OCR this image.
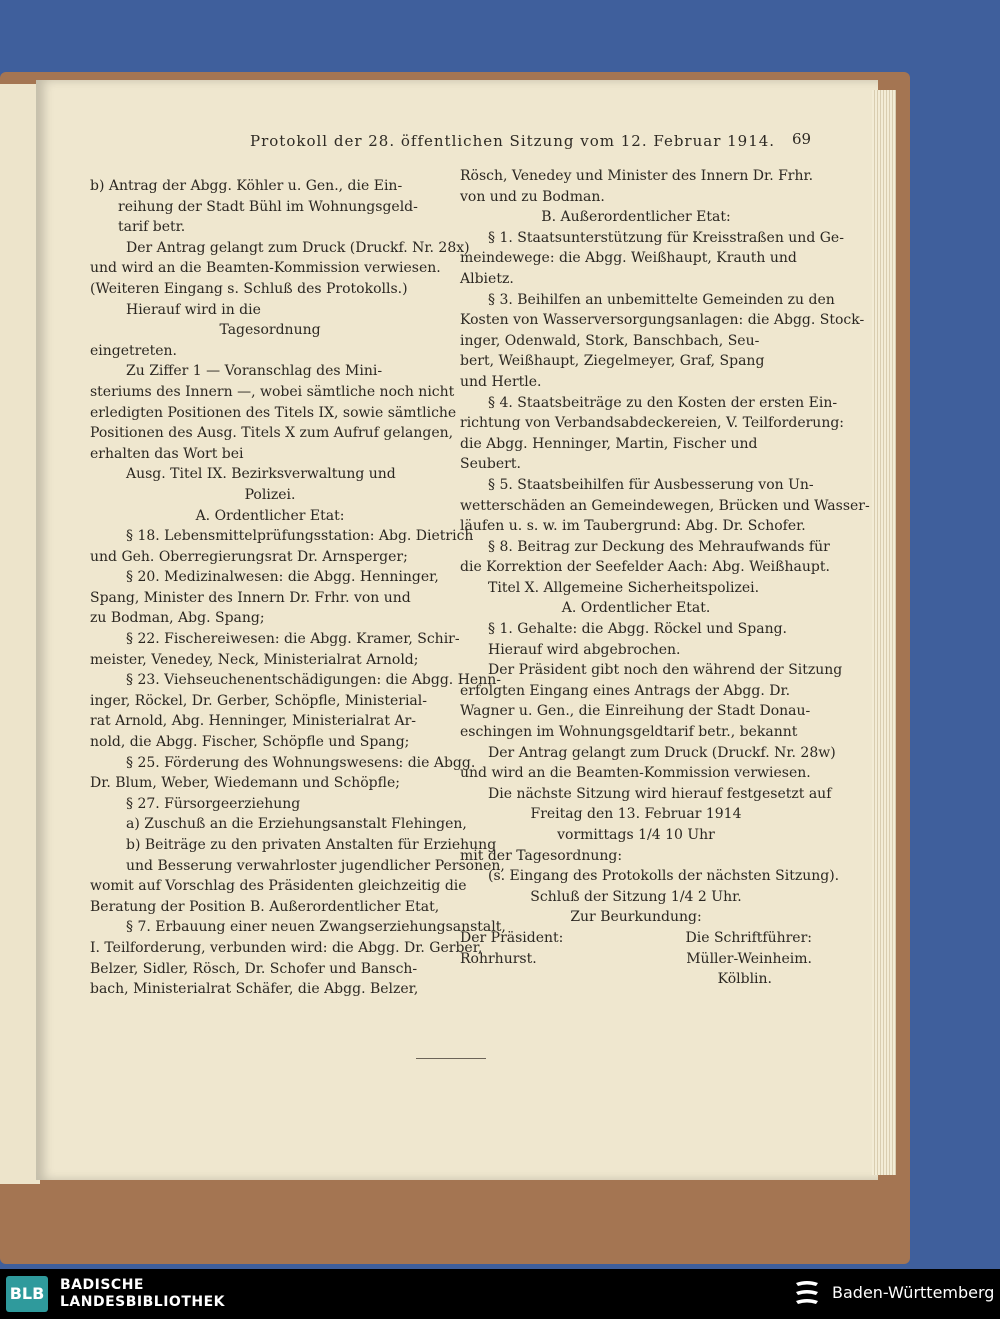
Protokoll der 28. öffentlichen Sitzung vom 12. Februar 1914. 69

b) Antrag der Abgg. Köhler u. Gen., die Ein-

reihung der Stadt Bühl im Wohnungsgeld-

tarif betr.

Der Antrag gelangt zum Druck (Druckf. Nr. 28x)

und wird an die Beamten-Kommission verwiesen.

(Weiteren Eingang s. Schluß des Protokolls.)

Hierauf wird in die

Tagesordnung

eingetreten.

Zu Ziffer 1 — Voranschlag des Mini-

steriums des Innern —, wobei sämtliche noch nicht

erledigten Positionen des Titels IX, sowie sämtliche

Positionen des Ausg. Titels X zum Aufruf gelangen,

erhalten das Wort bei

Ausg. Titel IX. Bezirksverwaltung und

Polizei.

A. Ordentlicher Etat:

§ 18. Lebensmittelprüfungsstation: Abg. Dietrich

und Geh. Oberregierungsrat Dr. Arnsperger;

§ 20. Medizinalwesen: die Abgg. Henninger,

Spang, Minister des Innern Dr. Frhr. von und

zu Bodman, Abg. Spang;

§ 22. Fischereiwesen: die Abgg. Kramer, Schir-

meister, Venedey, Neck, Ministerialrat Arnold;

§ 23. Viehseuchenentschädigungen: die Abgg. Henn-

inger, Röckel, Dr. Gerber, Schöpfle, Ministerial-

rat Arnold, Abg. Henninger, Ministerialrat Ar-

nold, die Abgg. Fischer, Schöpfle und Spang;

§ 25. Förderung des Wohnungswesens: die Abgg.

Dr. Blum, Weber, Wiedemann und Schöpfle;

§ 27. Fürsorgeerziehung

a) Zuschuß an die Erziehungsanstalt Flehingen,

b) Beiträge zu den privaten Anstalten für Erziehung

und Besserung verwahrloster jugendlicher Personen,

womit auf Vorschlag des Präsidenten gleichzeitig die

Beratung der Position B. Außerordentlicher Etat,

§ 7. Erbauung einer neuen Zwangserziehungsanstalt,

I. Teilforderung, verbunden wird: die Abgg. Dr. Gerber,

Belzer, Sidler, Rösch, Dr. Schofer und Bansch-

bach, Ministerialrat Schäfer, die Abgg. Belzer,

Rösch, Venedey und Minister des Innern Dr. Frhr.

von und zu Bodman.

B. Außerordentlicher Etat:

§ 1. Staatsunterstützung für Kreisstraßen und Ge-

meindewege: die Abgg. Weißhaupt, Krauth und

Albietz.

§ 3. Beihilfen an unbemittelte Gemeinden zu den

Kosten von Wasserversorgungsanlagen: die Abgg. Stock-

inger, Odenwald, Stork, Banschbach, Seu-

bert, Weißhaupt, Ziegelmeyer, Graf, Spang

und Hertle.

§ 4. Staatsbeiträge zu den Kosten der ersten Ein-

richtung von Verbandsabdeckereien, V. Teilforderung:

die Abgg. Henninger, Martin, Fischer und

Seubert.

§ 5. Staatsbeihilfen für Ausbesserung von Un-

wetterschäden an Gemeindewegen, Brücken und Wasser-

läufen u. s. w. im Taubergrund: Abg. Dr. Schofer.

§ 8. Beitrag zur Deckung des Mehraufwands für

die Korrektion der Seefelder Aach: Abg. Weißhaupt.

Titel X. Allgemeine Sicherheitspolizei.

A. Ordentlicher Etat.

§ 1. Gehalte: die Abgg. Röckel und Spang.

Hierauf wird abgebrochen.

Der Präsident gibt noch den während der Sitzung

erfolgten Eingang eines Antrags der Abgg. Dr.

Wagner u. Gen., die Einreihung der Stadt Donau-

eschingen im Wohnungsgeldtarif betr., bekannt

Der Antrag gelangt zum Druck (Druckf. Nr. 28w)

und wird an die Beamten-Kommission verwiesen.

Die nächste Sitzung wird hierauf festgesetzt auf

Freitag den 13. Februar 1914

vormittags 1/4 10 Uhr

mit der Tagesordnung:

(s. Eingang des Protokolls der nächsten Sitzung).

Schluß der Sitzung 1/4 2 Uhr.

Zur Beurkundung:

Der Präsident:	Die Schriftführer:

Rohrhurst.	Müller-Weinheim.

Kölblin.

BLB BADISCHE
LANDESBIBLIOTHEK	Baden-Württemberg
